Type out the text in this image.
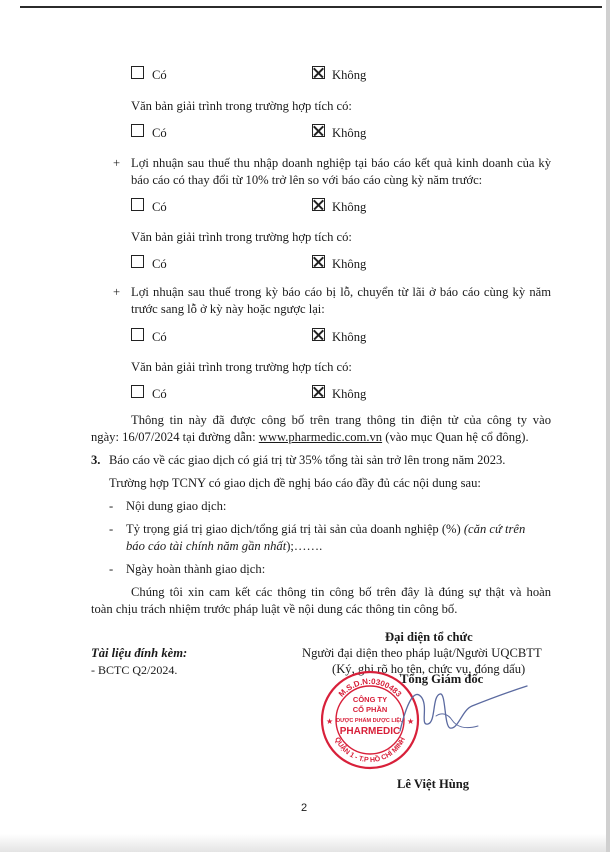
Có	Không
Văn bản giải trình trong trường hợp tích có:
Có	Không
+ Lợi nhuận sau thuế thu nhập doanh nghiệp tại báo cáo kết quả kinh doanh của kỳ
báo cáo có thay đổi từ 10% trở lên so với báo cáo cùng kỳ năm trước:
Có	Không
Văn bản giải trình trong trường hợp tích có:
Có	Không
+ Lợi nhuận sau thuế trong kỳ báo cáo bị lỗ, chuyển từ lãi ở báo cáo cùng kỳ năm
trước sang lỗ ở kỳ này hoặc ngược lại:
Có	Không
Văn bản giải trình trong trường hợp tích có:
Có	Không
Thông tin này đã được công bố trên trang thông tin điện tử của công ty vào
ngày: 16/07/2024 tại đường dẫn: www.pharmedic.com.vn (vào mục Quan hệ cổ đông).
3. Báo cáo về các giao dịch có giá trị từ 35% tổng tài sản trở lên trong năm 2023.
Trường hợp TCNY có giao dịch đề nghị báo cáo đầy đủ các nội dung sau:
- Nội dung giao dịch:
- Tỷ trọng giá trị giao dịch/tổng giá trị tài sản của doanh nghiệp (%) (căn cứ trên
báo cáo tài chính năm gần nhất);…….
- Ngày hoàn thành giao dịch:
Chúng tôi xin cam kết các thông tin công bố trên đây là đúng sự thật và hoàn
toàn chịu trách nhiệm trước pháp luật về nội dung các thông tin công bố.
Đại diện tổ chức
Người đại diện theo pháp luật/Người UQCBTT
(Ký, ghi rõ họ tên, chức vụ, đóng dấu)
Tài liệu đính kèm:
- BCTC Q2/2024.
M.S.D.N:0300483
QUẬN 1 - T.P HỒ CHÍ MINH
CÔNG TY
CỔ PHẦN
DƯỢC PHẨM DƯỢC LIỆU
PHARMEDIC
★	★
Tổng Giám đốc
Lê Việt Hùng
2
